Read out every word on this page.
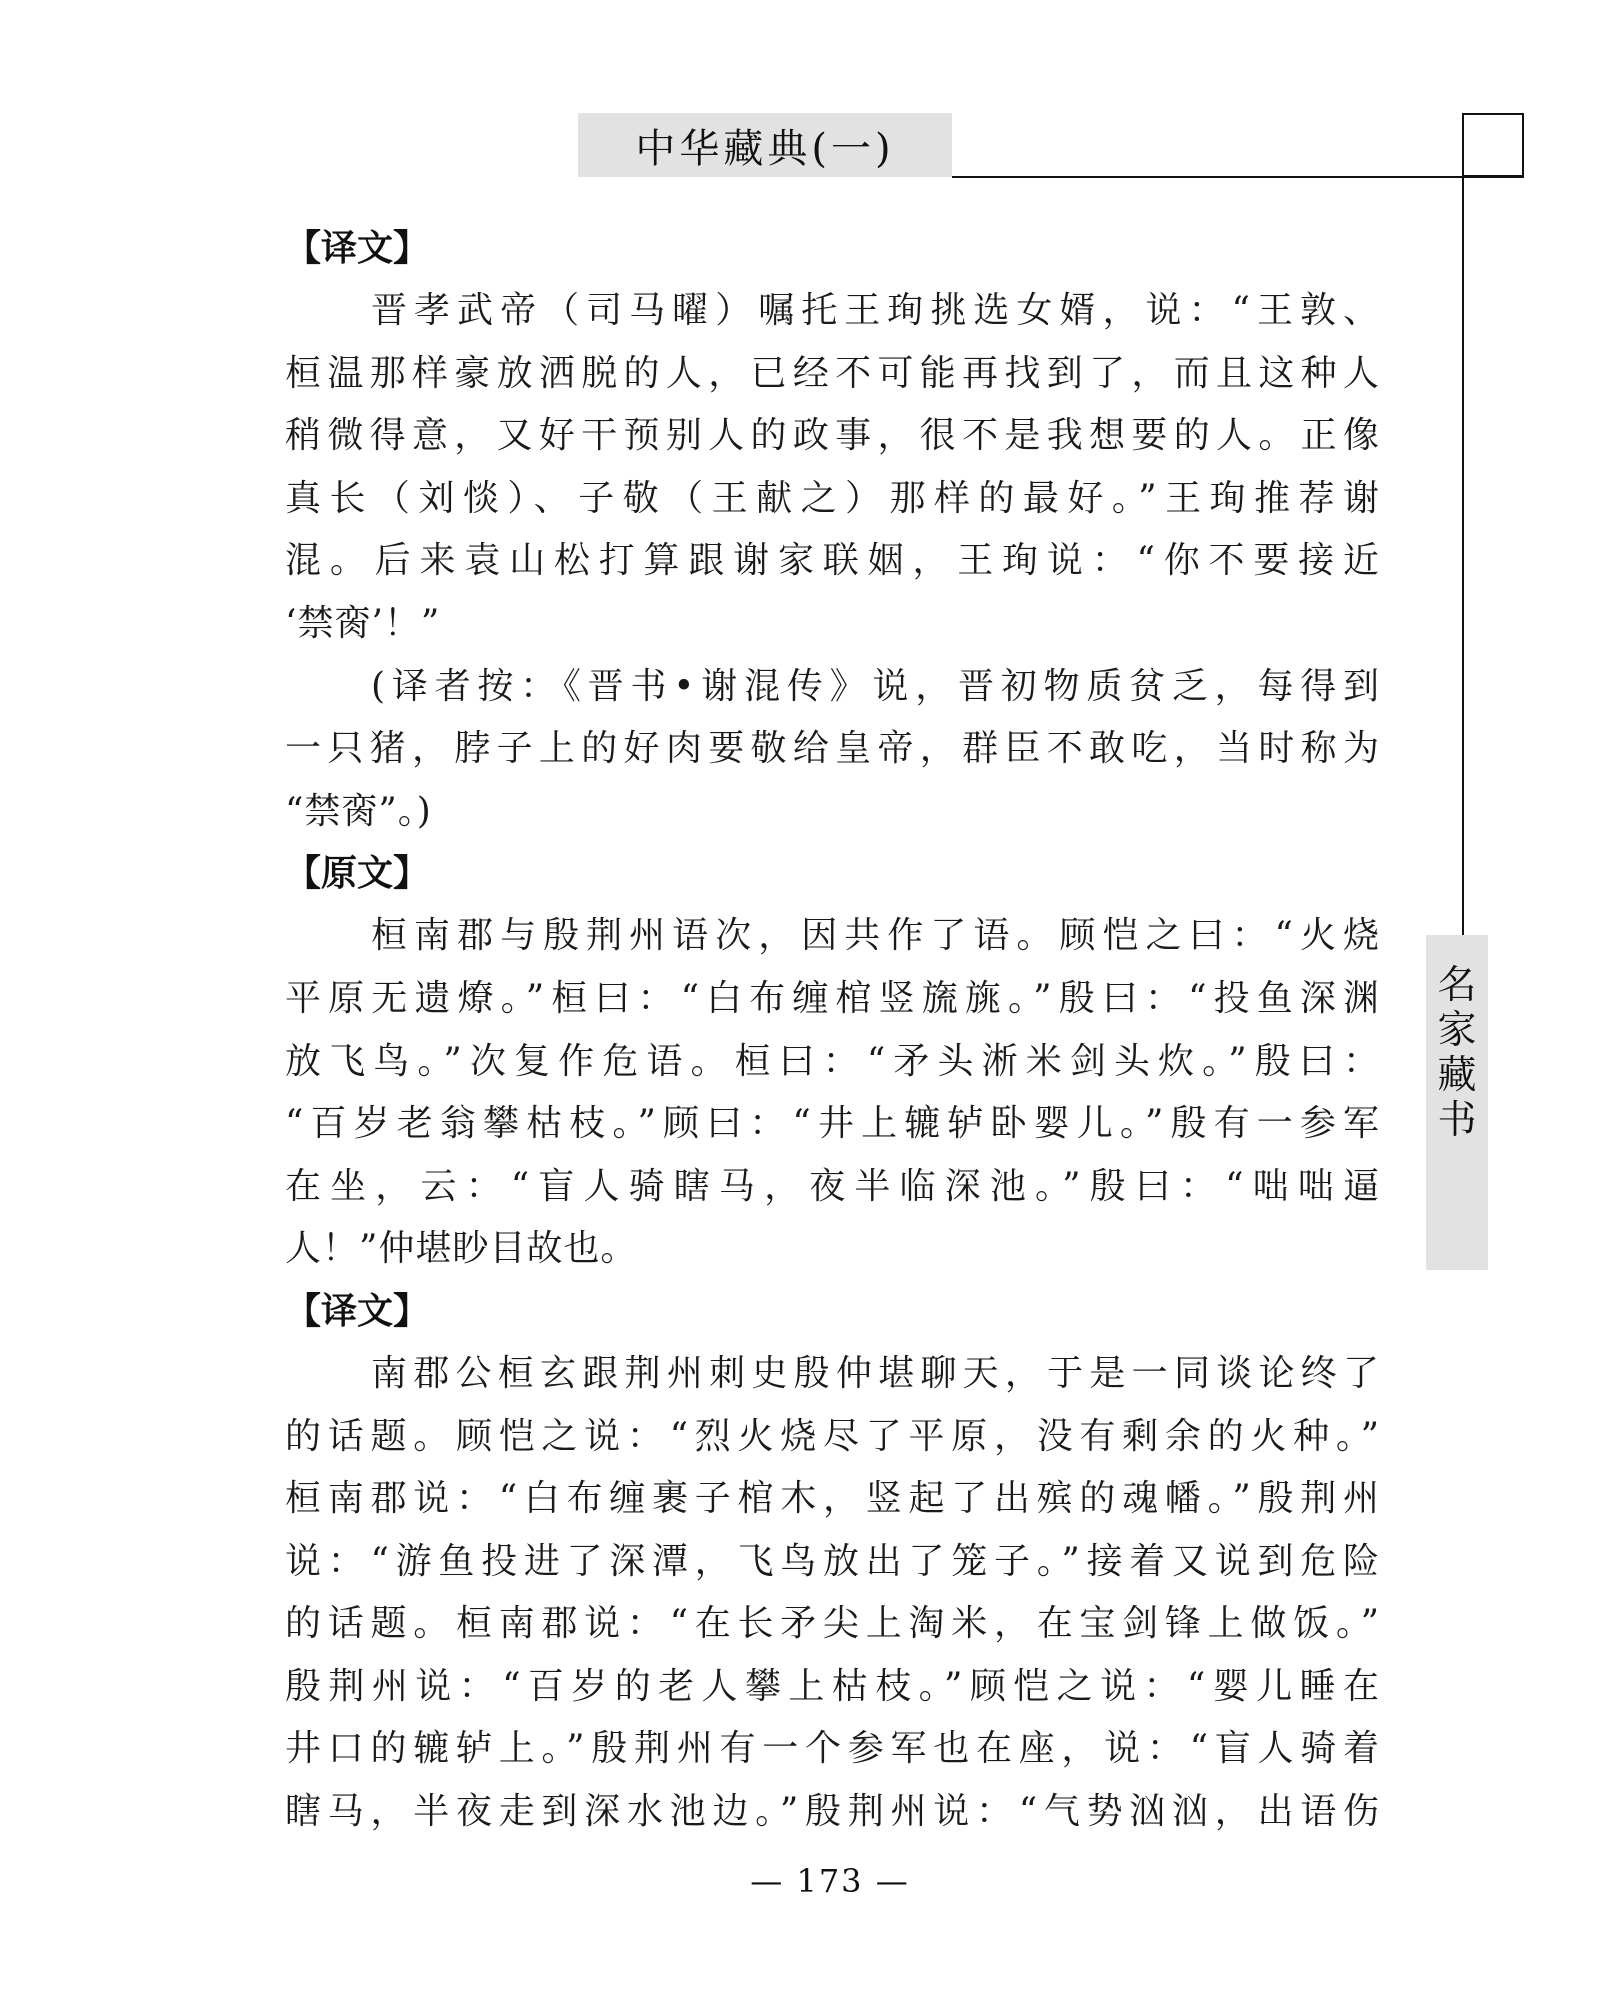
中华藏典(一)
名
家
藏
书
【译文】
晋孝武帝（司马曜）嘱托王珣挑选女婿，说：“王敦、
桓温那样豪放洒脱的人，已经不可能再找到了，而且这种人
稍微得意，又好干预别人的政事，很不是我想要的人。正像
真长（刘惔）、子敬（王献之）那样的最好。”王珣推荐谢
混。后来袁山松打算跟谢家联姻，王珣说：“你不要接近
‘禁脔’！”
(译者按：《晋书•谢混传》说，晋初物质贫乏，每得到
一只猪，脖子上的好肉要敬给皇帝，群臣不敢吃，当时称为
“禁脔”。)
【原文】
桓南郡与殷荆州语次，因共作了语。顾恺之曰：“火烧
平原无遗燎。”桓曰：“白布缠棺竖旒旐。”殷曰：“投鱼深渊
放飞鸟。”次复作危语。桓曰：“矛头淅米剑头炊。”殷曰：
“百岁老翁攀枯枝。”顾曰：“井上辘轳卧婴儿。”殷有一参军
在坐，云：“盲人骑瞎马，夜半临深池。”殷曰：“咄咄逼
人！”仲堪眇目故也。
【译文】
南郡公桓玄跟荆州刺史殷仲堪聊天，于是一同谈论终了
的话题。顾恺之说：“烈火烧尽了平原，没有剩余的火种。”
桓南郡说：“白布缠裹子棺木，竖起了出殡的魂幡。”殷荆州
说：“游鱼投进了深潭，飞鸟放出了笼子。”接着又说到危险
的话题。桓南郡说：“在长矛尖上淘米，在宝剑锋上做饭。”
殷荆州说：“百岁的老人攀上枯枝。”顾恺之说：“婴儿睡在
井口的辘轳上。”殷荆州有一个参军也在座，说：“盲人骑着
瞎马，半夜走到深水池边。”殷荆州说：“气势汹汹，出语伤
— 173 —
